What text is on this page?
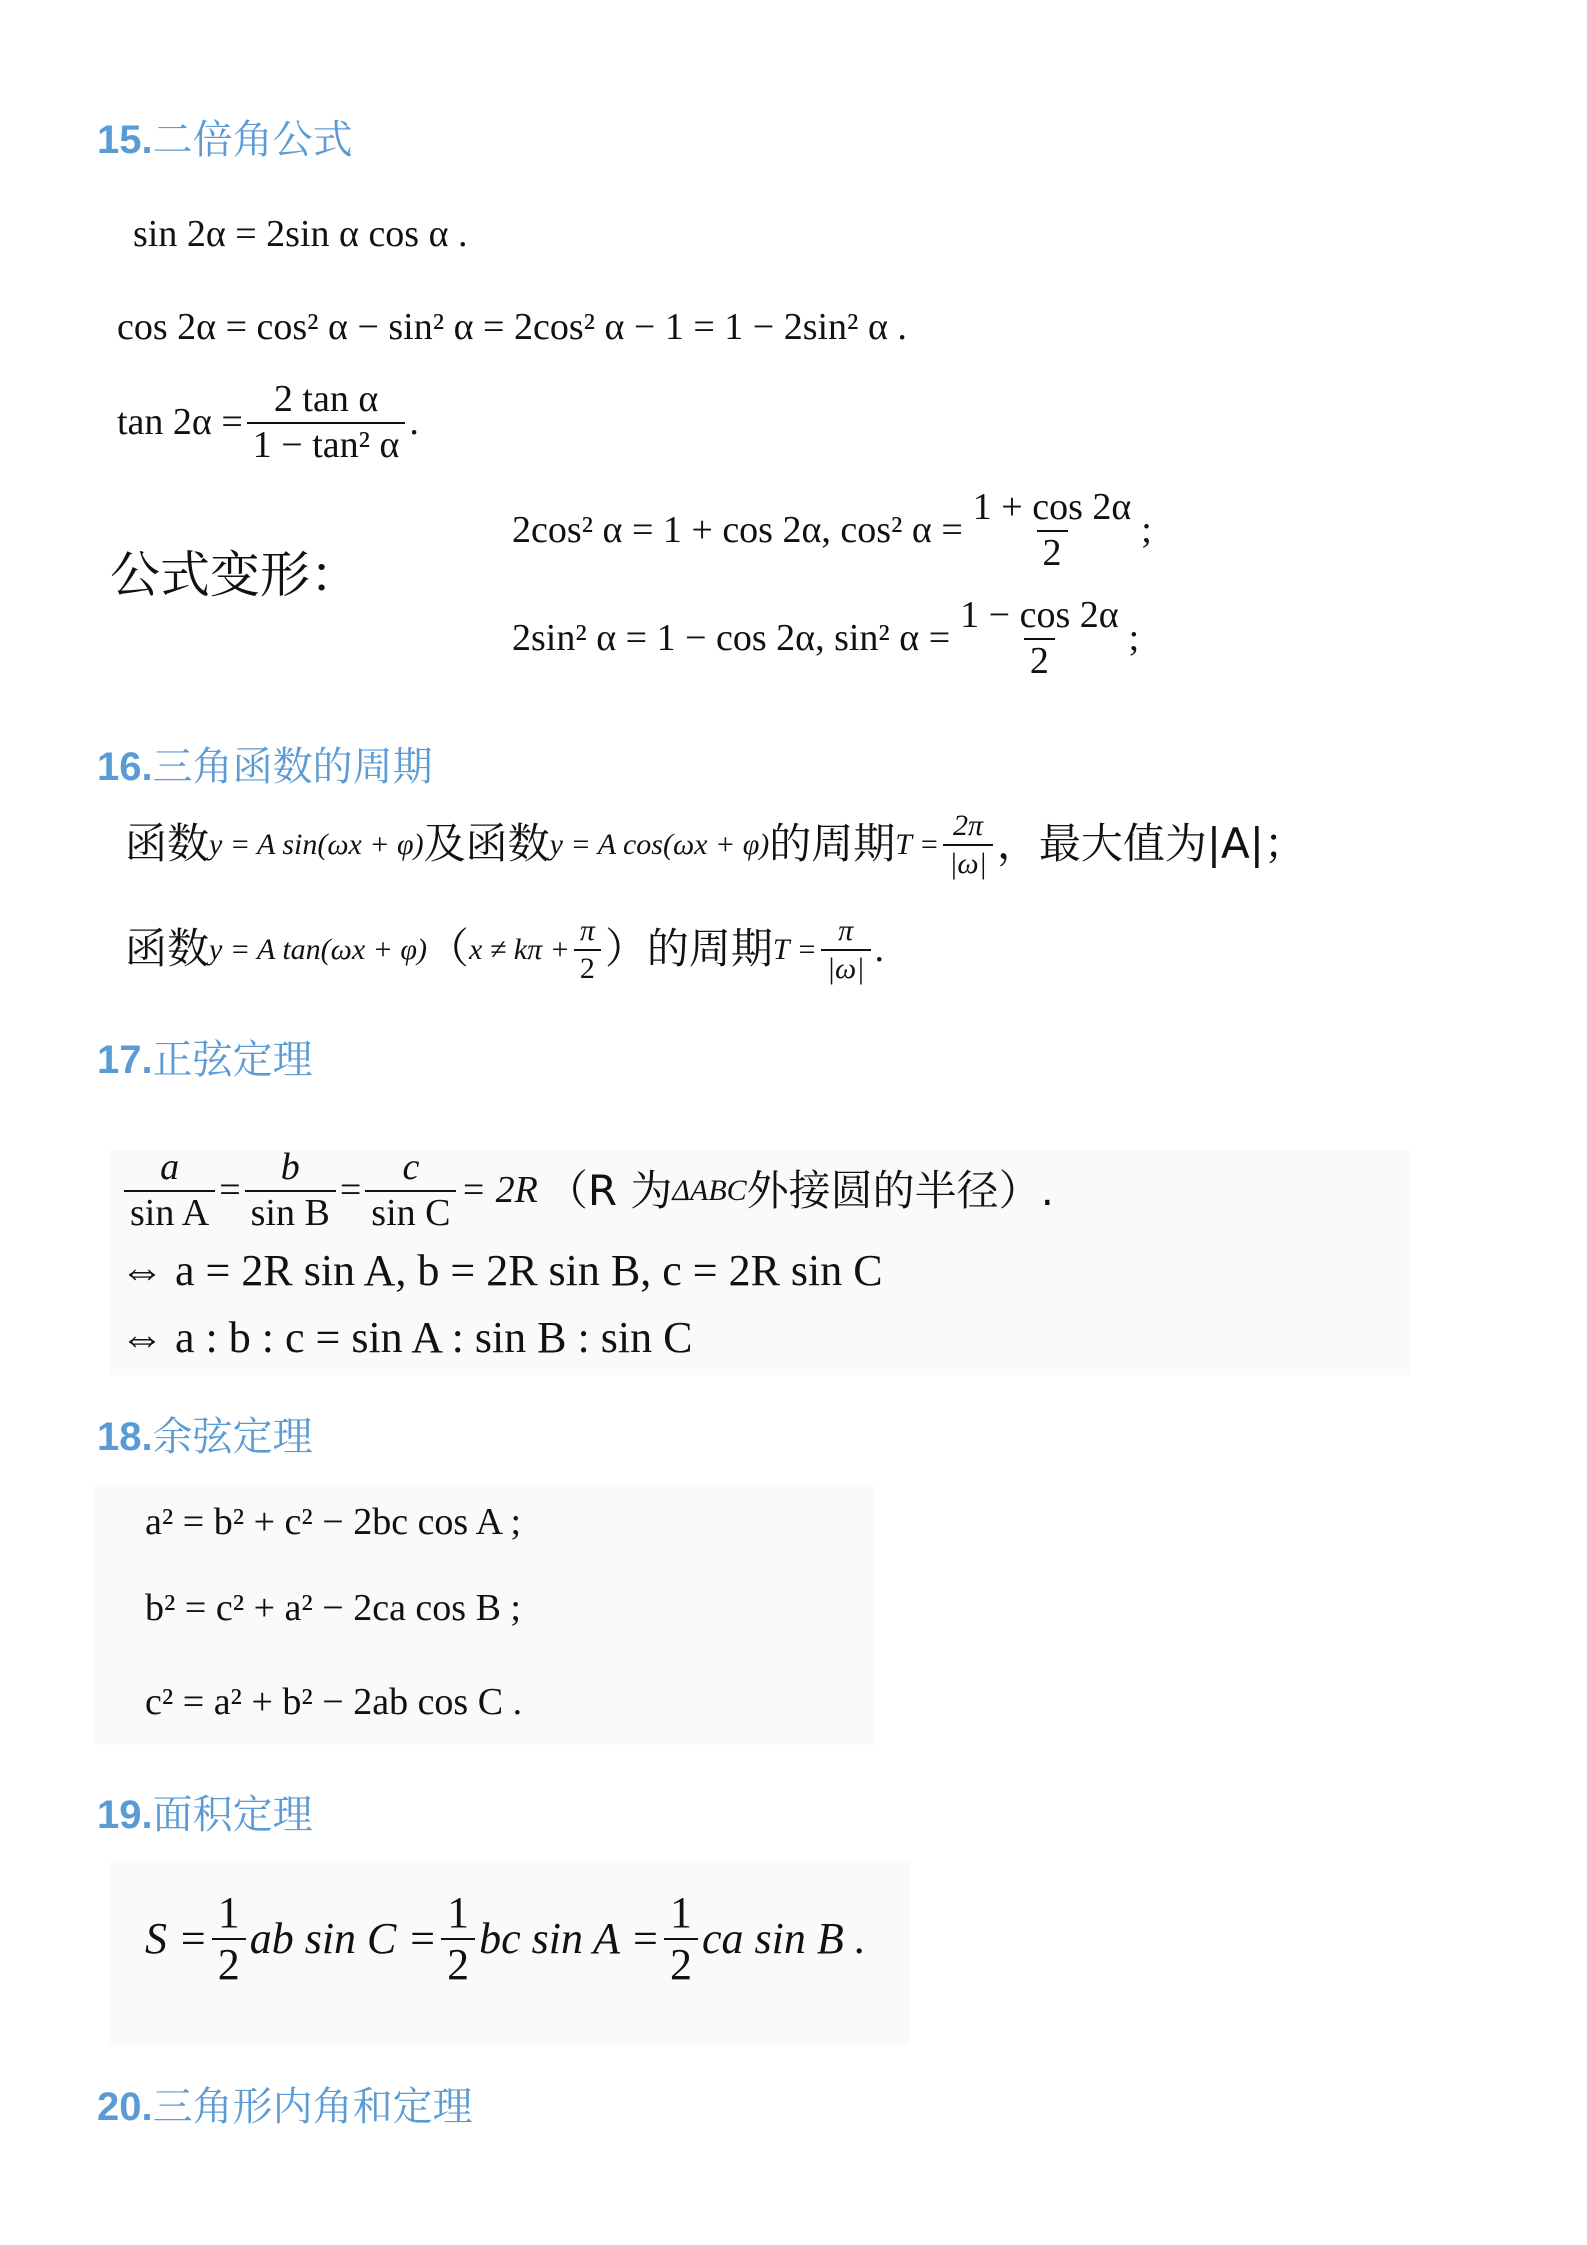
15.二倍角公式
sin 2α = 2sin α cos α .
cos 2α = cos² α − sin² α = 2cos² α − 1 = 1 − 2sin² α .
$\tan 2\alpha = \frac{\text{2 tan α}}{\text{1 − tan² α}}$ .
公式变形：
2cos² α = 1 + cos 2α, cos² $\alpha = \frac{1 + \cos 2\alpha}{2}$ ;
2sin² α = 1 − cos 2α, sin² $\alpha = \frac{1 - \cos 2\alpha}{2}$ ;
16.三角函数的周期
函数 y = A sin(ωx + φ) 及函数 y = A cos(ωx + φ) 的周期 $T = \frac{2\pi}{|\omega|}$ ，最大值为|A|；
函数 y = A tan(ωx + φ) （ $x \ne k\pi + \frac{\pi}{2}$ ）的周期 $T = \frac{\pi}{|\omega|}$ .
17.正弦定理
$\frac{a}{\text{sin A}} = \frac{b}{\text{sin B}} = \frac{c}{\text{sin C}} = 2R$ （R 为 ΔABC 外接圆的半径）.
⇔ a = 2R sin A, b = 2R sin B, c = 2R sin C
⇔ a : b : c = sin A : sin B : sin C
18.余弦定理
a² = b² + c² − 2bc cos A ;
b² = c² + a² − 2ca cos B ;
c² = a² + b² − 2ab cos C .
19.面积定理
$S = \frac{1}{2}$ ab $\sin C = \frac{1}{2}$ bc $\sin A = \frac{1}{2}$ ca sin B .
20.三角形内角和定理
